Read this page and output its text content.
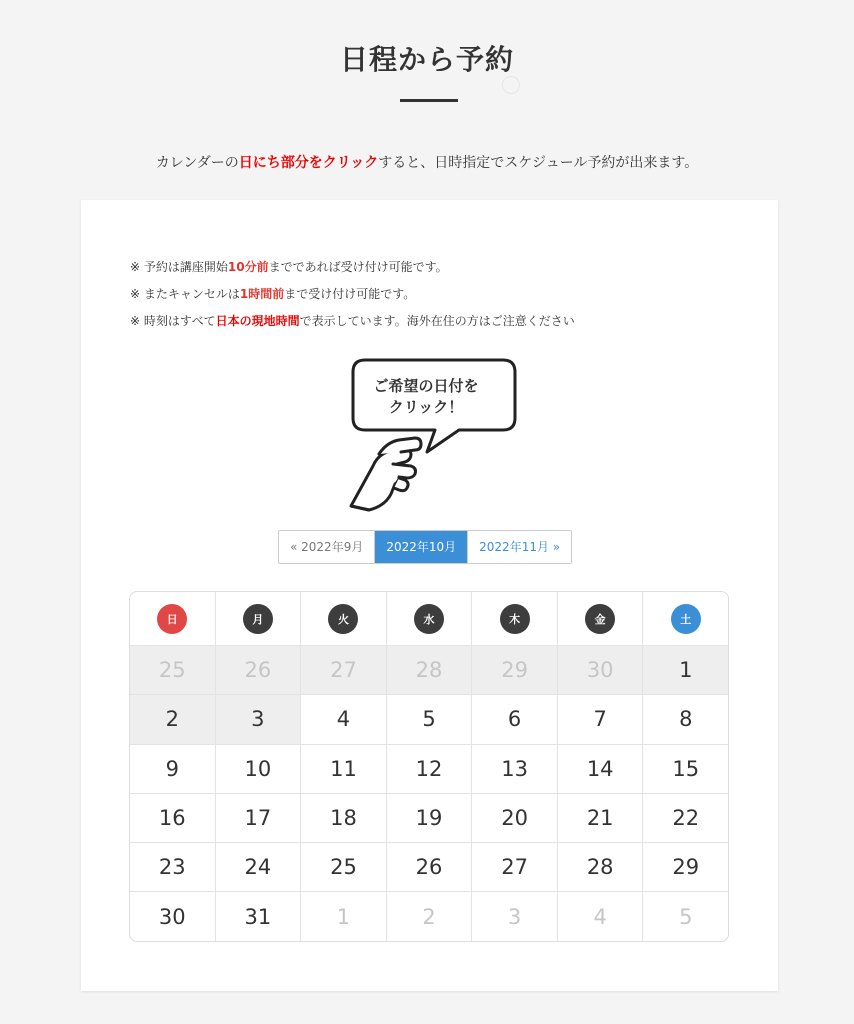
日程から予約
カレンダーの日にち部分をクリックすると、日時指定でスケジュール予約が出来ます。
※ 予約は講座開始10分前までであれば受け付け可能です。
※ またキャンセルは1時間前まで受け付け可能です。
※ 時刻はすべて日本の現地時間で表示しています。海外在住の方はご注意ください
ご希望の日付を
クリック！
« 2022年9月	2022年10月	2022年11月 »
日	月	火	水	木	金	土
25	26	27	28	29	30	1
2	3	4	5	6	7	8
9	10	11	12	13	14	15
16	17	18	19	20	21	22
23	24	25	26	27	28	29
30	31	1	2	3	4	5
